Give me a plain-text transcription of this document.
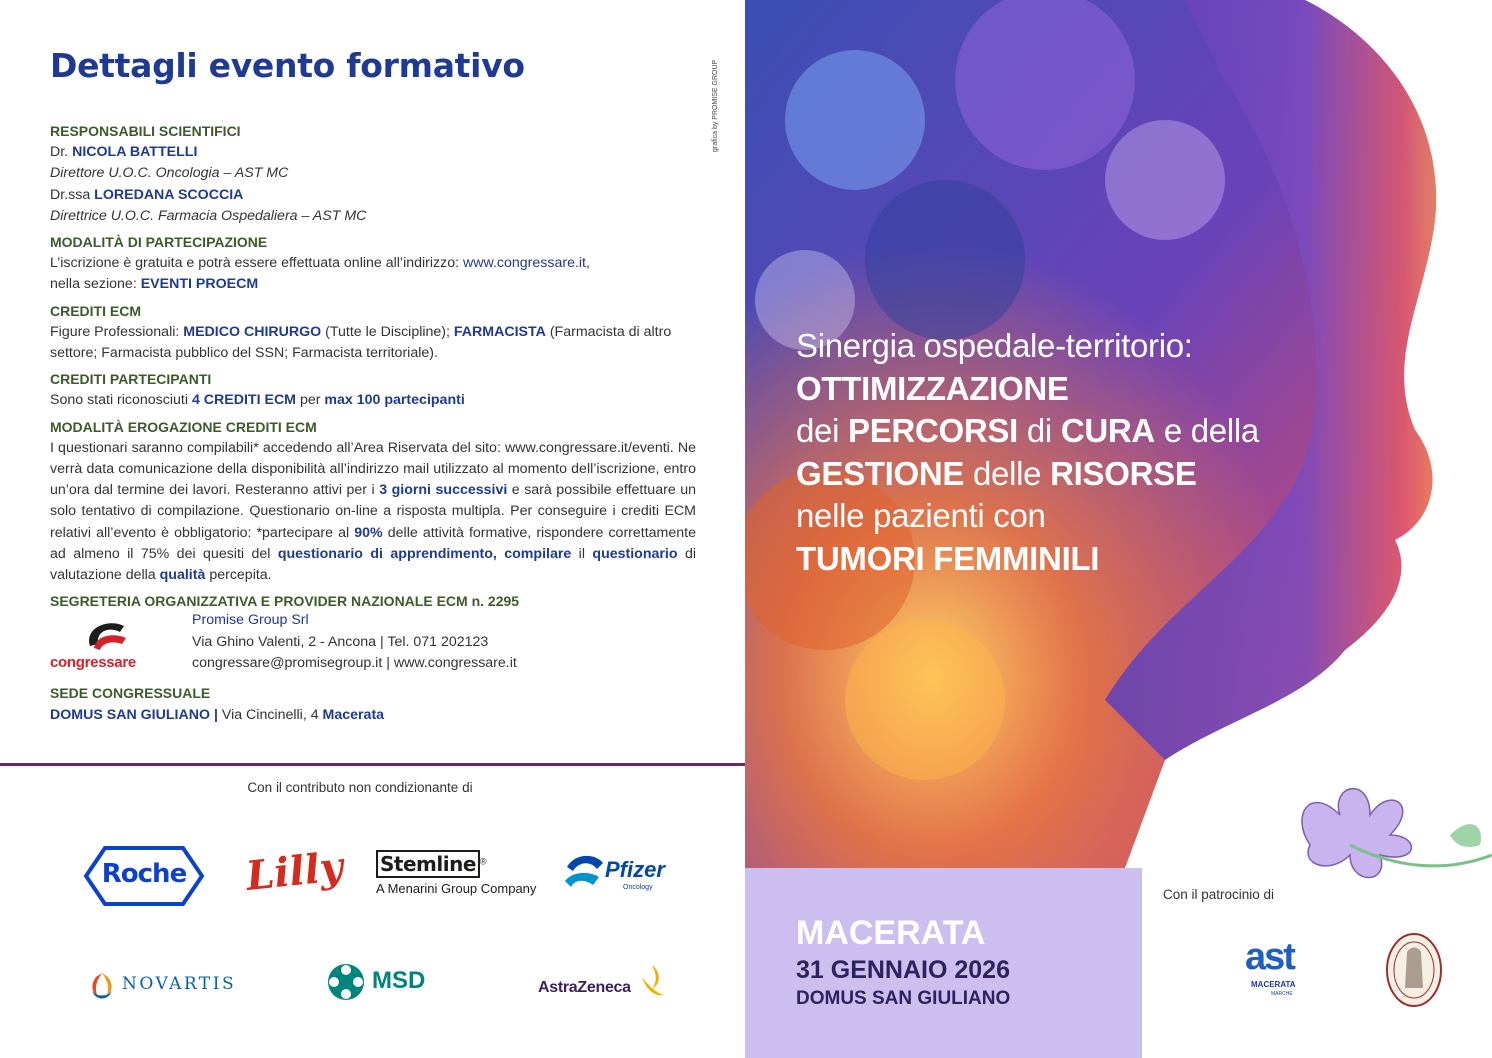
Dettagli evento formativo	grafica by PROMISE GROUP
RESPONSABILI SCIENTIFICI
Dr. NICOLA BATTELLI
Direttore U.O.C. Oncologia – AST MC
Dr.ssa LOREDANA SCOCCIA
Direttrice U.O.C. Farmacia Ospedaliera – AST MC
MODALITÀ DI PARTECIPAZIONE
L’iscrizione è gratuita e potrà essere effettuata online all’indirizzo: www.congressare.it,
nella sezione: EVENTI PROECM
CREDITI ECM
Figure Professionali: MEDICO CHIRURGO (Tutte le Discipline); FARMACISTA (Farmacista di altro settore; Farmacista pubblico del SSN; Farmacista territoriale).
CREDITI PARTECIPANTI
Sono stati riconosciuti 4 CREDITI ECM per max 100 partecipanti
MODALITÀ EROGAZIONE CREDITI ECM
I questionari saranno compilabili* accedendo all’Area Riservata del sito: www.congressare.it/eventi. Ne verrà data comunicazione della disponibilità all’indirizzo mail utilizzato al momento dell’iscrizione, entro un’ora dal termine dei lavori. Resteranno attivi per i 3 giorni successivi e sarà possibile effettuare un solo tentativo di compilazione. Questionario on-line a risposta multipla. Per conseguire i crediti ECM relativi all’evento è obbligatorio: *partecipare al 90% delle attività formative, rispondere correttamente ad almeno il 75% dei quesiti del questionario di apprendimento, compilare il questionario di valutazione della qualità percepita.
SEGRETERIA ORGANIZZATIVA E PROVIDER NAZIONALE ECM n. 2295
congressare
Promise Group Srl
Via Ghino Valenti, 2 - Ancona | Tel. 071 202123
congressare@promisegroup.it | www.congressare.it
SEDE CONGRESSUALE
DOMUS SAN GIULIANO | Via Cincinelli, 4 Macerata
Con il contributo non condizionante di
Roche	Lilly Stemline ®
A Menarini Group Company
Pfizer
Oncology
NOVARTIS	MSD	AstraZeneca
Sinergia ospedale-territorio:
OTTIMIZZAZIONE
dei PERCORSI di CURA e della
GESTIONE delle RISORSE
nelle pazienti con
TUMORI FEMMINILI
MACERATA
31 GENNAIO 2026
DOMUS SAN GIULIANO
Con il patrocinio di
ast
MACERATA
MARCHE
